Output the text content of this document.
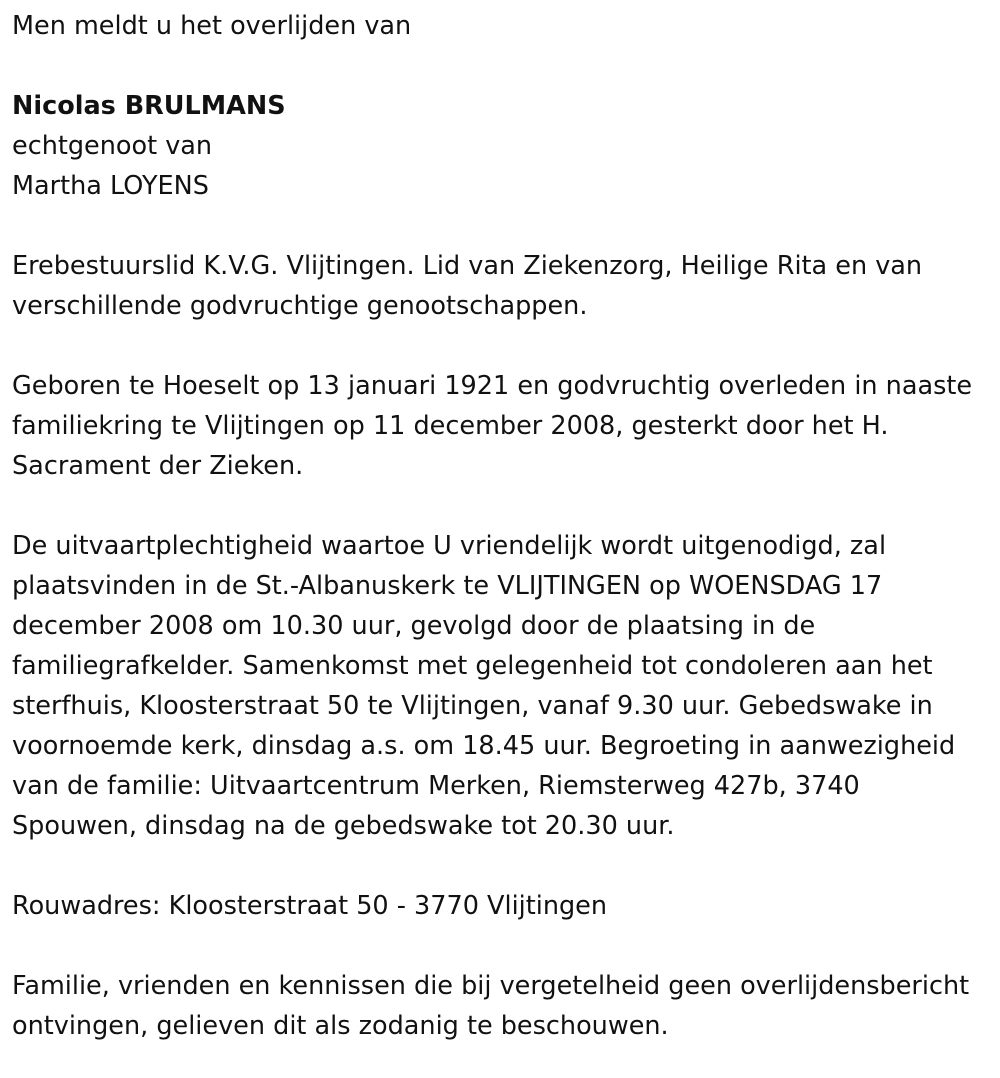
Men meldt u het overlijden van

Nicolas BRULMANS

echtgenoot van

Martha LOYENS

Erebestuurslid K.V.G. Vlijtingen. Lid van Ziekenzorg, Heilige Rita en van verschillende godvruchtige genootschappen.

Geboren te Hoeselt op 13 januari 1921 en godvruchtig overleden in naaste familiekring te Vlijtingen op 11 december 2008, gesterkt door het H. Sacrament der Zieken.

De uitvaartplechtigheid waartoe U vriendelijk wordt uitgenodigd, zal plaatsvinden in de St.-Albanuskerk te VLIJTINGEN op WOENSDAG 17 december 2008 om 10.30 uur, gevolgd door de plaatsing in de familiegrafkelder. Samenkomst met gelegenheid tot condoleren aan het sterfhuis, Kloosterstraat 50 te Vlijtingen, vanaf 9.30 uur. Gebedswake in voornoemde kerk, dinsdag a.s. om 18.45 uur. Begroeting in aanwezigheid van de familie: Uitvaartcentrum Merken, Riemsterweg 427b, 3740 Spouwen, dinsdag na de gebedswake tot 20.30 uur.

Rouwadres: Kloosterstraat 50 - 3770 Vlijtingen

Familie, vrienden en kennissen die bij vergetelheid geen overlijdensbericht ontvingen, gelieven dit als zodanig te beschouwen.
